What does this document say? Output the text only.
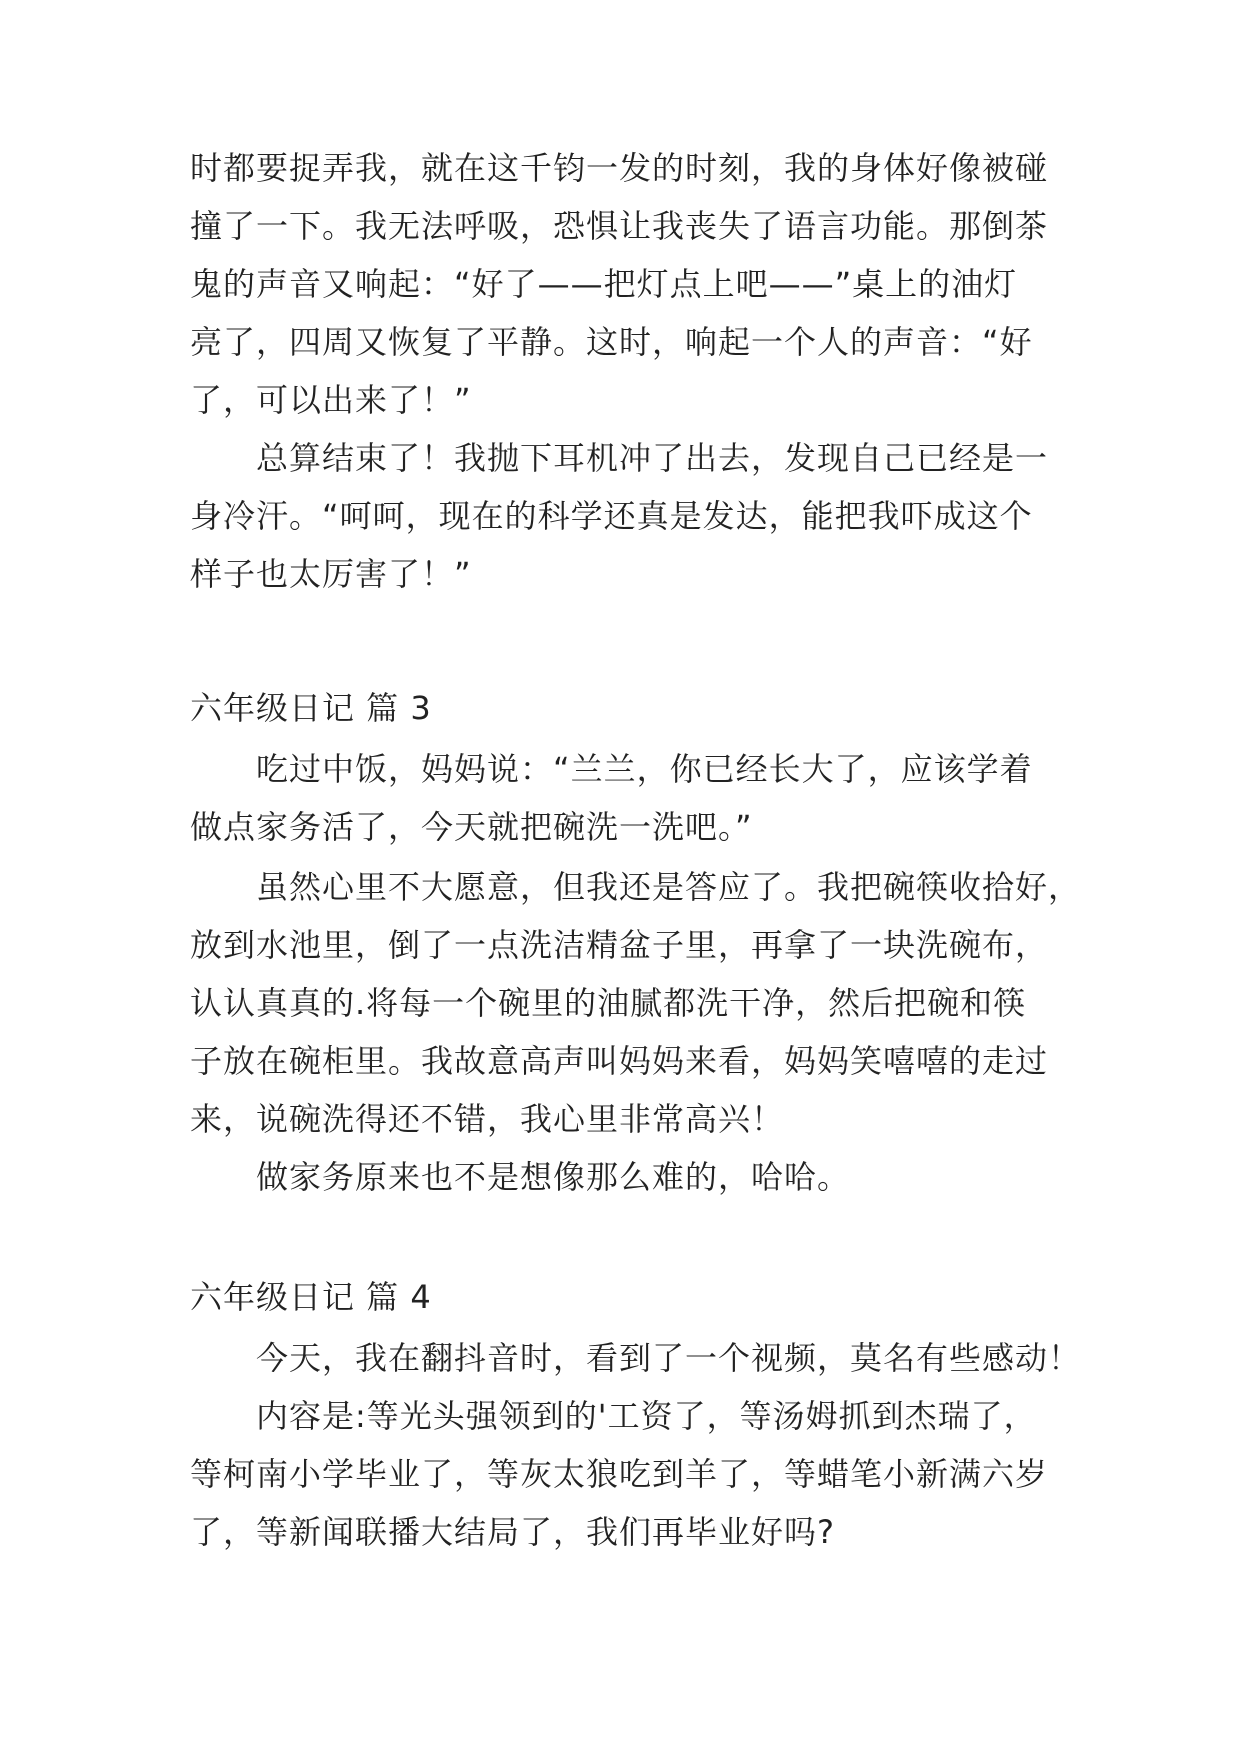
时都要捉弄我，就在这千钧一发的时刻，我的身体好像被碰
撞了一下。我无法呼吸，恐惧让我丧失了语言功能。那倒茶
鬼的声音又响起：“好了——把灯点上吧——”桌上的油灯
亮了，四周又恢复了平静。这时，响起一个人的声音：“好
了，可以出来了！”
总算结束了！我抛下耳机冲了出去，发现自己已经是一
身冷汗。“呵呵，现在的科学还真是发达，能把我吓成这个
样子也太厉害了！”
六年级日记 篇 3
吃过中饭，妈妈说：“兰兰，你已经长大了，应该学着
做点家务活了，今天就把碗洗一洗吧。”
虽然心里不大愿意，但我还是答应了。我把碗筷收拾好，
放到水池里，倒了一点洗洁精盆子里，再拿了一块洗碗布，
认认真真的.将每一个碗里的油腻都洗干净，然后把碗和筷
子放在碗柜里。我故意高声叫妈妈来看，妈妈笑嘻嘻的走过
来，说碗洗得还不错，我心里非常高兴！
做家务原来也不是想像那么难的，哈哈。
六年级日记 篇 4
今天，我在翻抖音时，看到了一个视频，莫名有些感动！
内容是:等光头强领到的'工资了，等汤姆抓到杰瑞了，
等柯南小学毕业了，等灰太狼吃到羊了，等蜡笔小新满六岁
了，等新闻联播大结局了，我们再毕业好吗?
